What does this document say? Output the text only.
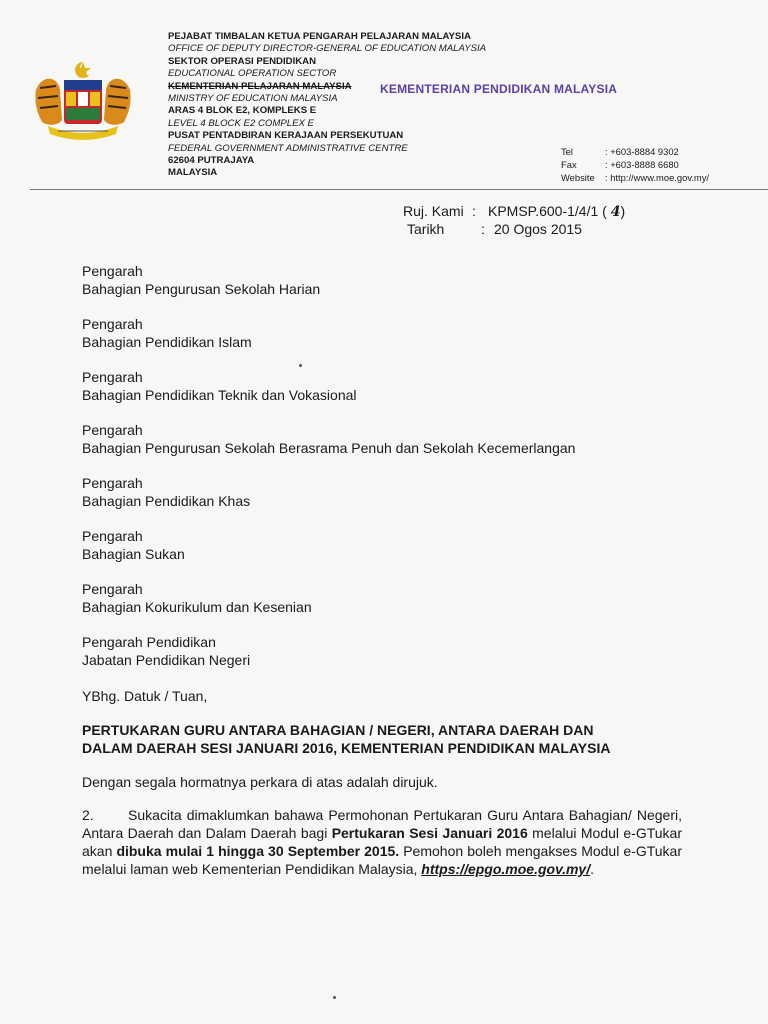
PEJABAT TIMBALAN KETUA PENGARAH PELAJARAN MALAYSIA
OFFICE OF DEPUTY DIRECTOR-GENERAL OF EDUCATION MALAYSIA
SEKTOR OPERASI PENDIDIKAN
EDUCATIONAL OPERATION SECTOR
KEMENTERIAN PELAJARAN MALAYSIA
MINISTRY OF EDUCATION MALAYSIA
ARAS 4 BLOK E2, KOMPLEKS E
LEVEL 4 BLOCK E2 COMPLEX E
PUSAT PENTADBIRAN KERAJAAN PERSEKUTUAN
FEDERAL GOVERNMENT ADMINISTRATIVE CENTRE
62604 PUTRAJAYA
MALAYSIA
KEMENTERIAN PENDIDIKAN MALAYSIA
Tel	: +603-8884 9302
Fax	: +603-8888 6680
Website	: http://www.moe.gov.my/
Ruj. Kami : KPMSP.600-1/4/1 ( 4)
Tarikh	: 20 Ogos 2015
Pengarah
Bahagian Pengurusan Sekolah Harian
Pengarah
Bahagian Pendidikan Islam
Pengarah
Bahagian Pendidikan Teknik dan Vokasional
Pengarah
Bahagian Pengurusan Sekolah Berasrama Penuh dan Sekolah Kecemerlangan
Pengarah
Bahagian Pendidikan Khas
Pengarah
Bahagian Sukan
Pengarah
Bahagian Kokurikulum dan Kesenian
Pengarah Pendidikan
Jabatan Pendidikan Negeri
YBhg. Datuk / Tuan,
PERTUKARAN GURU ANTARA BAHAGIAN / NEGERI, ANTARA DAERAH DAN
DALAM DAERAH SESI JANUARI 2016, KEMENTERIAN PENDIDIKAN MALAYSIA
Dengan segala hormatnya perkara di atas adalah dirujuk.
2. Sukacita dimaklumkan bahawa Permohonan Pertukaran Guru Antara Bahagian/ Negeri, Antara Daerah dan Dalam Daerah bagi Pertukaran Sesi Januari 2016 melalui Modul e-GTukar akan dibuka mulai 1 hingga 30 September 2015. Pemohon boleh mengakses Modul e-GTukar melalui laman web Kementerian Pendidikan Malaysia, https://epgo.moe.gov.my/.
